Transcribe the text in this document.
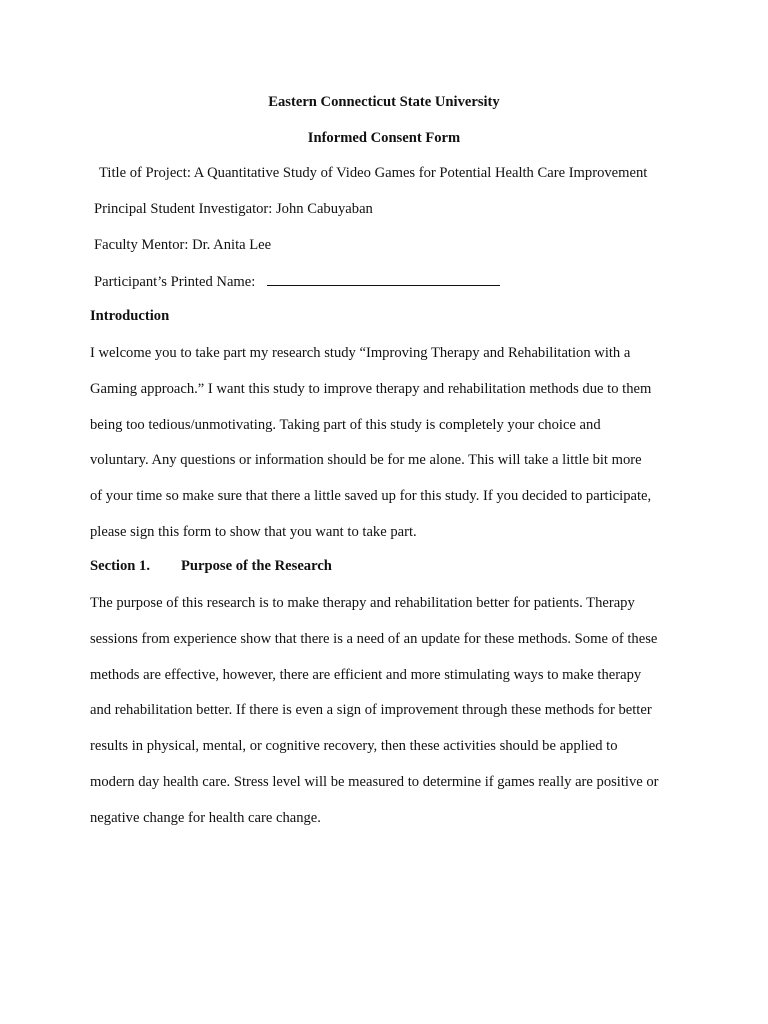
Eastern Connecticut State University
Informed Consent Form
Title of Project: A Quantitative Study of Video Games for Potential Health Care Improvement
Principal Student Investigator: John Cabuyaban
Faculty Mentor: Dr. Anita Lee
Participant’s Printed Name:
Introduction
I welcome you to take part my research study “Improving Therapy and Rehabilitation with a
Gaming approach.” I want this study to improve therapy and rehabilitation methods due to them
being too tedious/unmotivating. Taking part of this study is completely your choice and
voluntary. Any questions or information should be for me alone. This will take a little bit more
of your time so make sure that there a little saved up for this study. If you decided to participate,
please sign this form to show that you want to take part.
Section 1. Purpose of the Research
The purpose of this research is to make therapy and rehabilitation better for patients. Therapy
sessions from experience show that there is a need of an update for these methods. Some of these
methods are effective, however, there are efficient and more stimulating ways to make therapy
and rehabilitation better. If there is even a sign of improvement through these methods for better
results in physical, mental, or cognitive recovery, then these activities should be applied to
modern day health care. Stress level will be measured to determine if games really are positive or
negative change for health care change.
